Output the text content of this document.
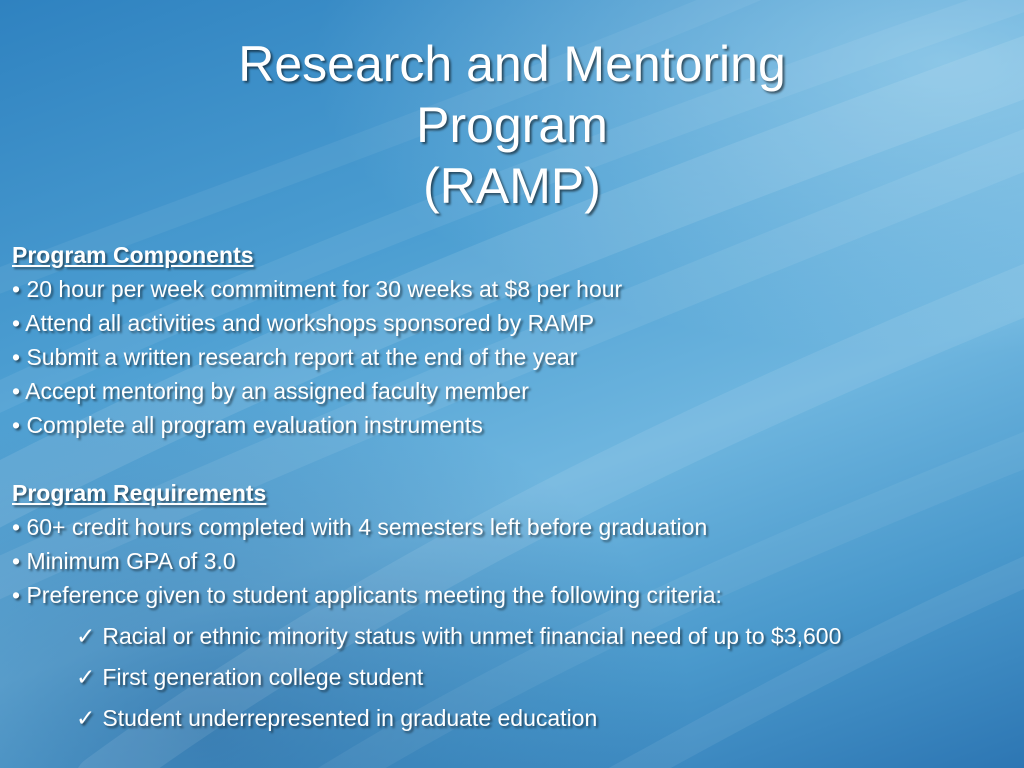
Research and Mentoring
Program
(RAMP)

Program Components

• 20 hour per week commitment for 30 weeks at $8 per hour
• Attend all activities and workshops sponsored by RAMP
• Submit a written research report at the end of the year
• Accept mentoring by an assigned faculty member
• Complete all program evaluation instruments

Program Requirements

• 60+ credit hours completed with 4 semesters left before graduation
• Minimum GPA of 3.0
• Preference given to student applicants meeting the following criteria:
✓ Racial or ethnic minority status with unmet financial need of up to $3,600
✓ First generation college student
✓ Student underrepresented in graduate education
